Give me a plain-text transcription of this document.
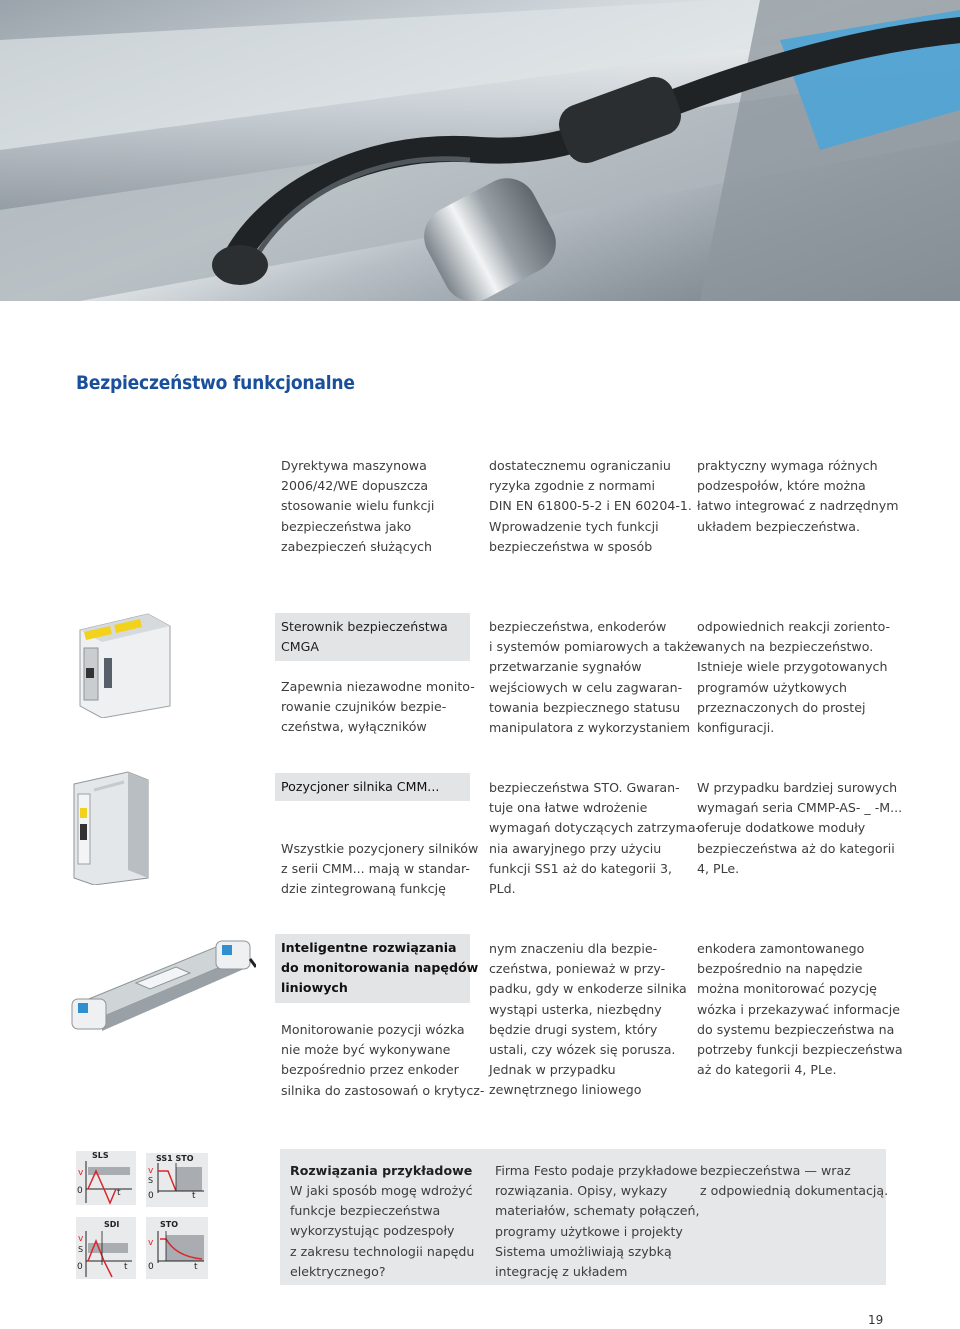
Bezpieczeństwo funkcjonalne
Dyrektywa maszynowa
2006/42/WE dopuszcza
stosowanie wielu funkcji
bezpieczeństwa jako
zabezpieczeń służących
dostatecznemu ograniczaniu
ryzyka zgodnie z normami
DIN EN 61800-5-2 i EN 60204-1.
Wprowadzenie tych funkcji
bezpieczeństwa w sposób
praktyczny wymaga różnych
podzespołów, które można
łatwo integrować z nadrzędnym
układem bezpieczeństwa.
Sterownik bezpieczeństwa
CMGA
Zapewnia niezawodne monito-
rowanie czujników bezpie-
czeństwa, wyłączników
bezpieczeństwa, enkoderów
i systemów pomiarowych a także
przetwarzanie sygnałów
wejściowych w celu zagwaran-
towania bezpiecznego statusu
manipulatora z wykorzystaniem
odpowiednich reakcji zoriento-
wanych na bezpieczeństwo.
Istnieje wiele przygotowanych
programów użytkowych
przeznaczonych do prostej
konfiguracji.
Pozycjoner silnika CMM...
Wszystkie pozycjonery silników
z serii CMM... mają w standar-
dzie zintegrowaną funkcję
bezpieczeństwa STO. Gwaran-
tuje ona łatwe wdrożenie
wymagań dotyczących zatrzyma-
nia awaryjnego przy użyciu
funkcji SS1 aż do kategorii 3,
PLd.
W przypadku bardziej surowych
wymagań seria CMMP-AS- _ -M...
oferuje dodatkowe moduły
bezpieczeństwa aż do kategorii
4, PLe.
Inteligentne rozwiązania
do monitorowania napędów
liniowych
Monitorowanie pozycji wózka
nie może być wykonywane
bezpośrednio przez enkoder
silnika do zastosowań o krytycz-
nym znaczeniu dla bezpie-
czeństwa, ponieważ w przy-
padku, gdy w enkoderze silnika
wystąpi usterka, niezbędny
będzie drugi system, który
ustali, czy wózek się porusza.
Jednak w przypadku
zewnętrznego liniowego
enkodera zamontowanego
bezpośrednio na napędzie
można monitorować pozycję
wózka i przekazywać informacje
do systemu bezpieczeństwa na
potrzeby funkcji bezpieczeństwa
aż do kategorii 4, PLe.
SLS
v
0	t
SS1 STO
v
S
0	t
SDI
v
S
0	t
STO
v
0	t
Rozwiązania przykładowe
W jaki sposób mogę wdrożyć
funkcje bezpieczeństwa
wykorzystując podzespoły
z zakresu technologii napędu
elektrycznego?
Firma Festo podaje przykładowe
rozwiązania. Opisy, wykazy
materiałów, schematy połączeń,
programy użytkowe i projekty
Sistema umożliwiają szybką
integrację z układem
bezpieczeństwa — wraz
z odpowiednią dokumentacją.
19
